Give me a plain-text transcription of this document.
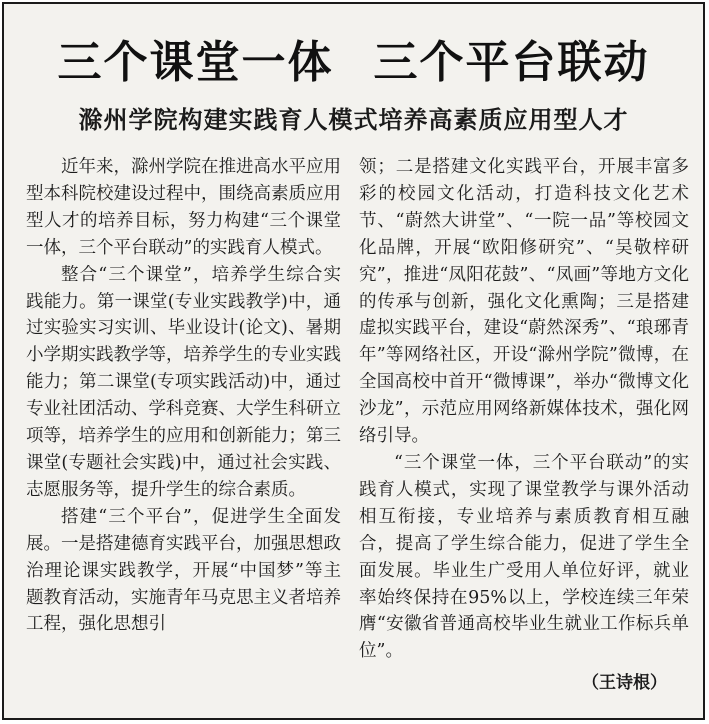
三个课堂一体 三个平台联动
滁州学院构建实践育人模式培养高素质应用型人才

近年来，滁州学院在推进高水平应用型本科院校建设过程中，围绕高素质应用型人才的培养目标，努力构建“三个课堂一体，三个平台联动”的实践育人模式。

整合“三个课堂”，培养学生综合实践能力。第一课堂(专业实践教学)中，通过实验实习实训、毕业设计(论文)、暑期小学期实践教学等，培养学生的专业实践能力；第二课堂(专项实践活动)中，通过专业社团活动、学科竞赛、大学生科研立项等，培养学生的应用和创新能力；第三课堂(专题社会实践)中，通过社会实践、志愿服务等，提升学生的综合素质。

搭建“三个平台”，促进学生全面发展。一是搭建德育实践平台，加强思想政治理论课实践教学，开展“中国梦”等主题教育活动，实施青年马克思主义者培养工程，强化思想引

领；二是搭建文化实践平台，开展丰富多彩的校园文化活动，打造科技文化艺术节、“蔚然大讲堂”、“一院一品”等校园文化品牌，开展“欧阳修研究”、“吴敬梓研究”，推进“凤阳花鼓”、“凤画”等地方文化的传承与创新，强化文化熏陶；三是搭建虚拟实践平台，建设“蔚然深秀”、“琅琊青年”等网络社区，开设“滁州学院”微博，在全国高校中首开“微博课”，举办“微博文化沙龙”，示范应用网络新媒体技术，强化网络引导。

“三个课堂一体，三个平台联动”的实践育人模式，实现了课堂教学与课外活动相互衔接，专业培养与素质教育相互融合，提高了学生综合能力，促进了学生全面发展。毕业生广受用人单位好评，就业率始终保持在95%以上，学校连续三年荣膺“安徽省普通高校毕业生就业工作标兵单位”。

（王诗根）
